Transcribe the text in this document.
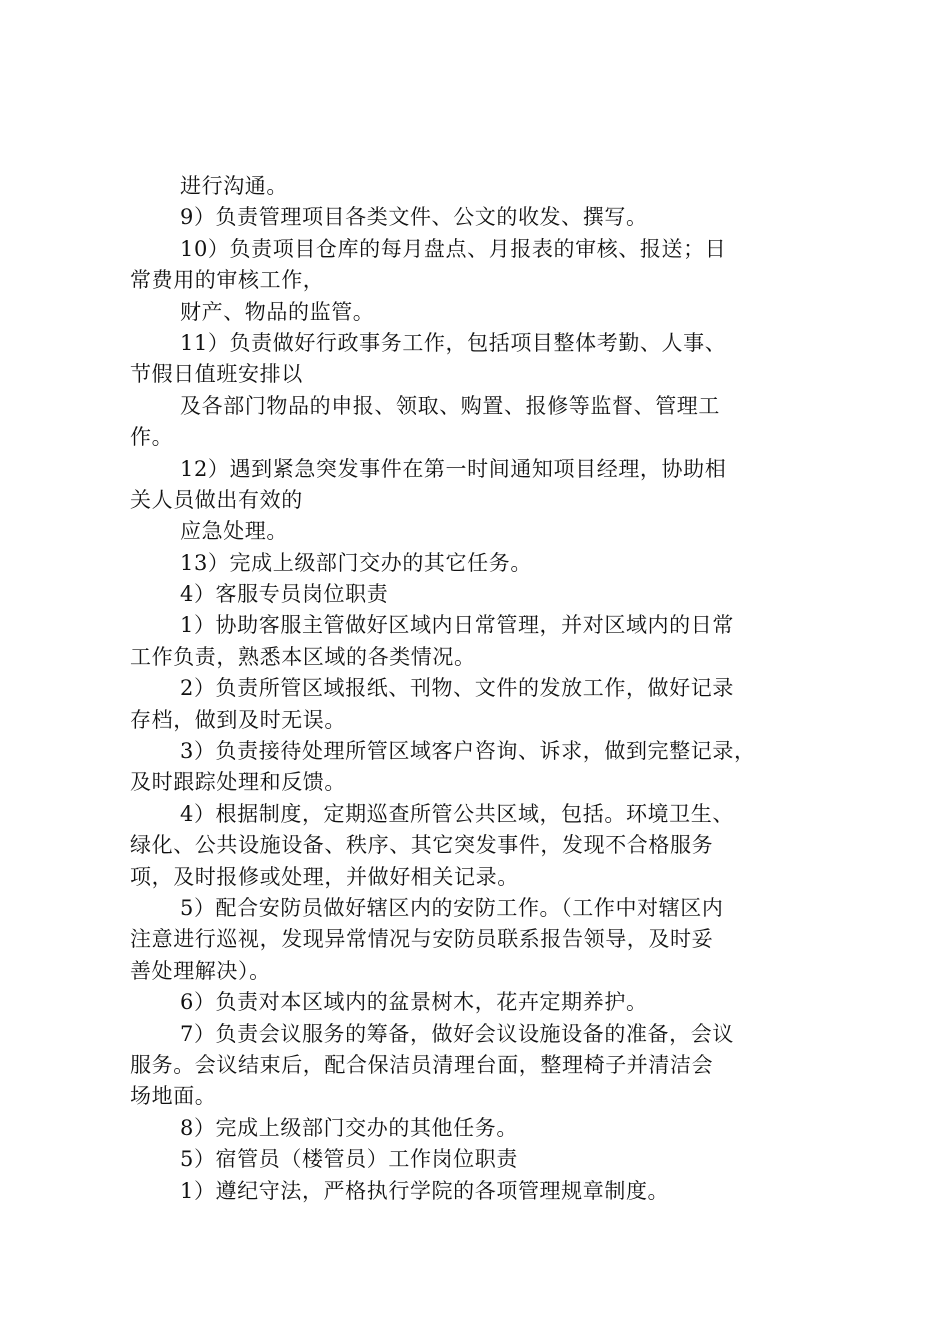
进行沟通。
9）负责管理项目各类文件、公文的收发、撰写。
10）负责项目仓库的每月盘点、月报表的审核、报送；日
常费用的审核工作，
财产、物品的监管。
11）负责做好行政事务工作，包括项目整体考勤、人事、
节假日值班安排以
及各部门物品的申报、领取、购置、报修等监督、管理工
作。
12）遇到紧急突发事件在第一时间通知项目经理，协助相
关人员做出有效的
应急处理。
13）完成上级部门交办的其它任务。
4）客服专员岗位职责
1）协助客服主管做好区域内日常管理，并对区域内的日常
工作负责，熟悉本区域的各类情况。
2）负责所管区域报纸、刊物、文件的发放工作，做好记录
存档，做到及时无误。
3）负责接待处理所管区域客户咨询、诉求，做到完整记录，
及时跟踪处理和反馈。
4）根据制度，定期巡查所管公共区域，包括。环境卫生、
绿化、公共设施设备、秩序、其它突发事件，发现不合格服务
项，及时报修或处理，并做好相关记录。
5）配合安防员做好辖区内的安防工作。（工作中对辖区内
注意进行巡视，发现异常情况与安防员联系报告领导，及时妥
善处理解决）。
6）负责对本区域内的盆景树木，花卉定期养护。
7）负责会议服务的筹备，做好会议设施设备的准备，会议
服务。会议结束后，配合保洁员清理台面，整理椅子并清洁会
场地面。
8）完成上级部门交办的其他任务。
5）宿管员（楼管员）工作岗位职责
1）遵纪守法，严格执行学院的各项管理规章制度。
